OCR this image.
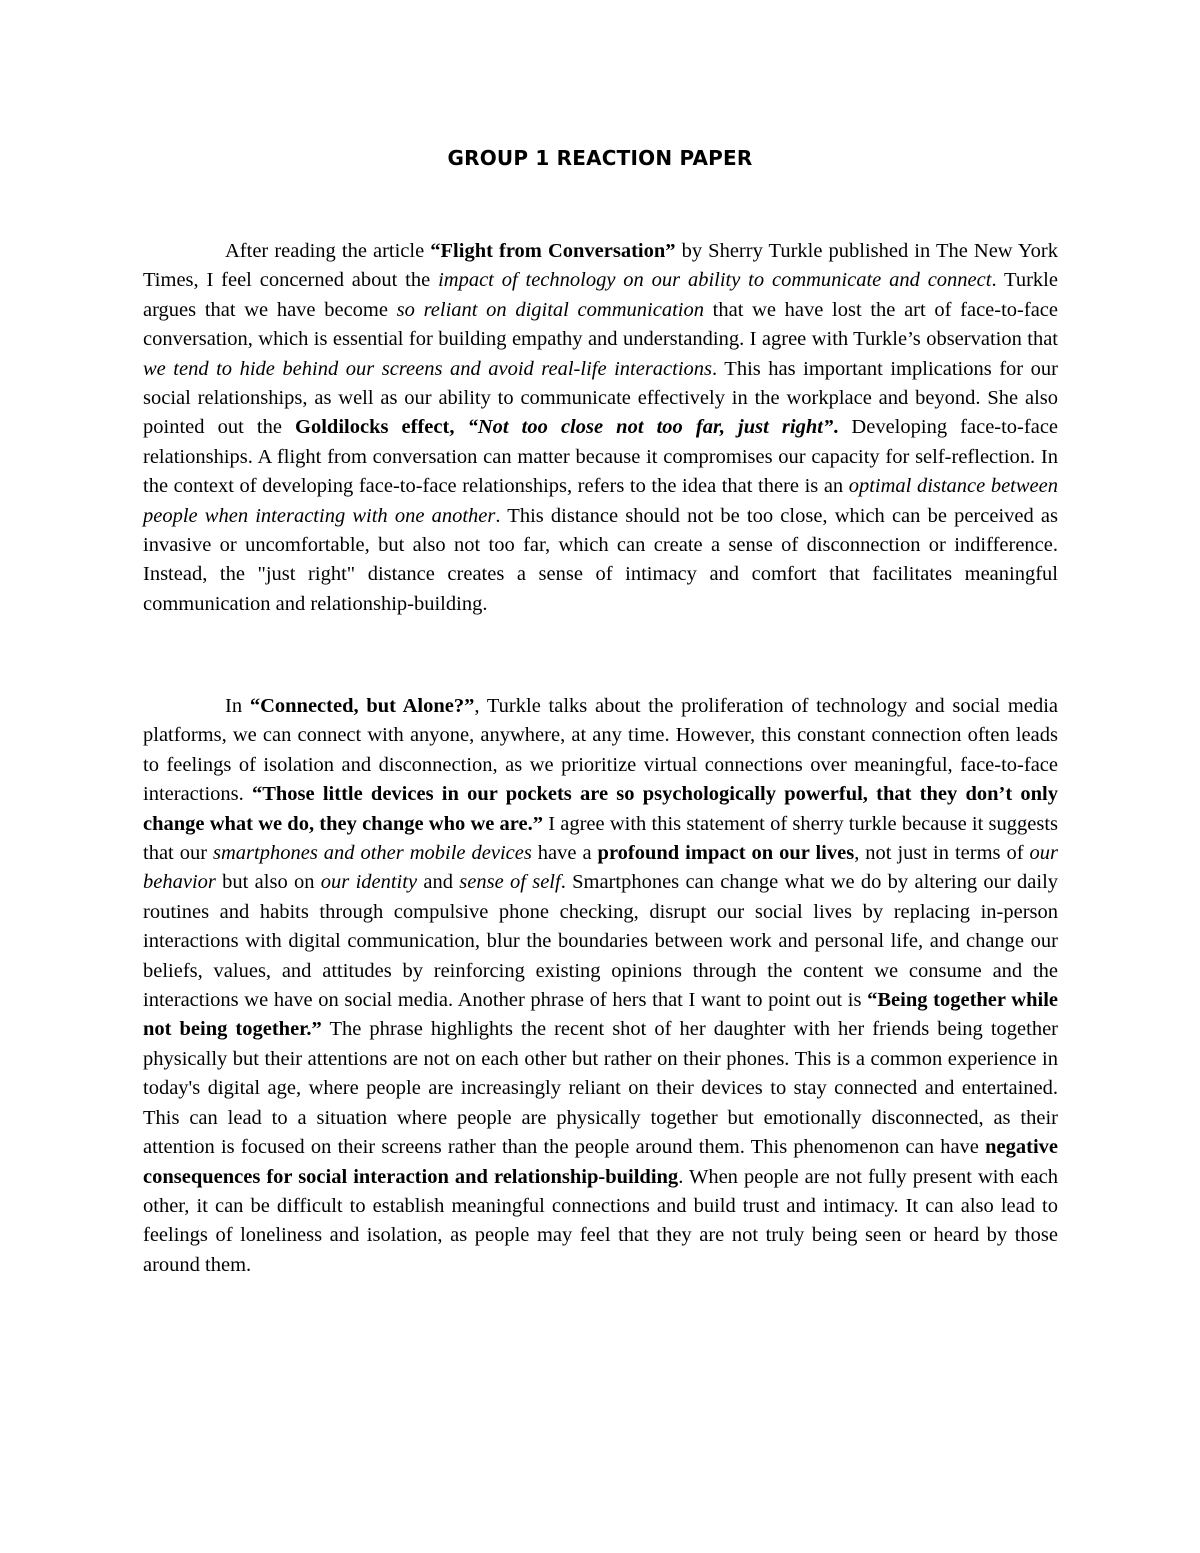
GROUP 1 REACTION PAPER

After reading the article “Flight from Conversation” by Sherry Turkle published in The New York Times, I feel concerned about the impact of technology on our ability to communicate and connect. Turkle argues that we have become so reliant on digital communication that we have lost the art of face-to-face conversation, which is essential for building empathy and understanding. I agree with Turkle’s observation that we tend to hide behind our screens and avoid real-life interactions. This has important implications for our social relationships, as well as our ability to communicate effectively in the workplace and beyond. She also pointed out the Goldilocks effect, “Not too close not too far, just right”. Developing face-to-face relationships. A flight from conversation can matter because it compromises our capacity for self-reflection. In the context of developing face-to-face relationships, refers to the idea that there is an optimal distance between people when interacting with one another. This distance should not be too close, which can be perceived as invasive or uncomfortable, but also not too far, which can create a sense of disconnection or indifference. Instead, the "just right" distance creates a sense of intimacy and comfort that facilitates meaningful communication and relationship-building.

In “Connected, but Alone?”, Turkle talks about the proliferation of technology and social media platforms, we can connect with anyone, anywhere, at any time. However, this constant connection often leads to feelings of isolation and disconnection, as we prioritize virtual connections over meaningful, face-to-face interactions. “Those little devices in our pockets are so psychologically powerful, that they don’t only change what we do, they change who we are.” I agree with this statement of sherry turkle because it suggests that our smartphones and other mobile devices have a profound impact on our lives, not just in terms of our behavior but also on our identity and sense of self. Smartphones can change what we do by altering our daily routines and habits through compulsive phone checking, disrupt our social lives by replacing in-person interactions with digital communication, blur the boundaries between work and personal life, and change our beliefs, values, and attitudes by reinforcing existing opinions through the content we consume and the interactions we have on social media. Another phrase of hers that I want to point out is “Being together while not being together.” The phrase highlights the recent shot of her daughter with her friends being together physically but their attentions are not on each other but rather on their phones. This is a common experience in today's digital age, where people are increasingly reliant on their devices to stay connected and entertained. This can lead to a situation where people are physically together but emotionally disconnected, as their attention is focused on their screens rather than the people around them. This phenomenon can have negative consequences for social interaction and relationship-building. When people are not fully present with each other, it can be difficult to establish meaningful connections and build trust and intimacy. It can also lead to feelings of loneliness and isolation, as people may feel that they are not truly being seen or heard by those around them.
